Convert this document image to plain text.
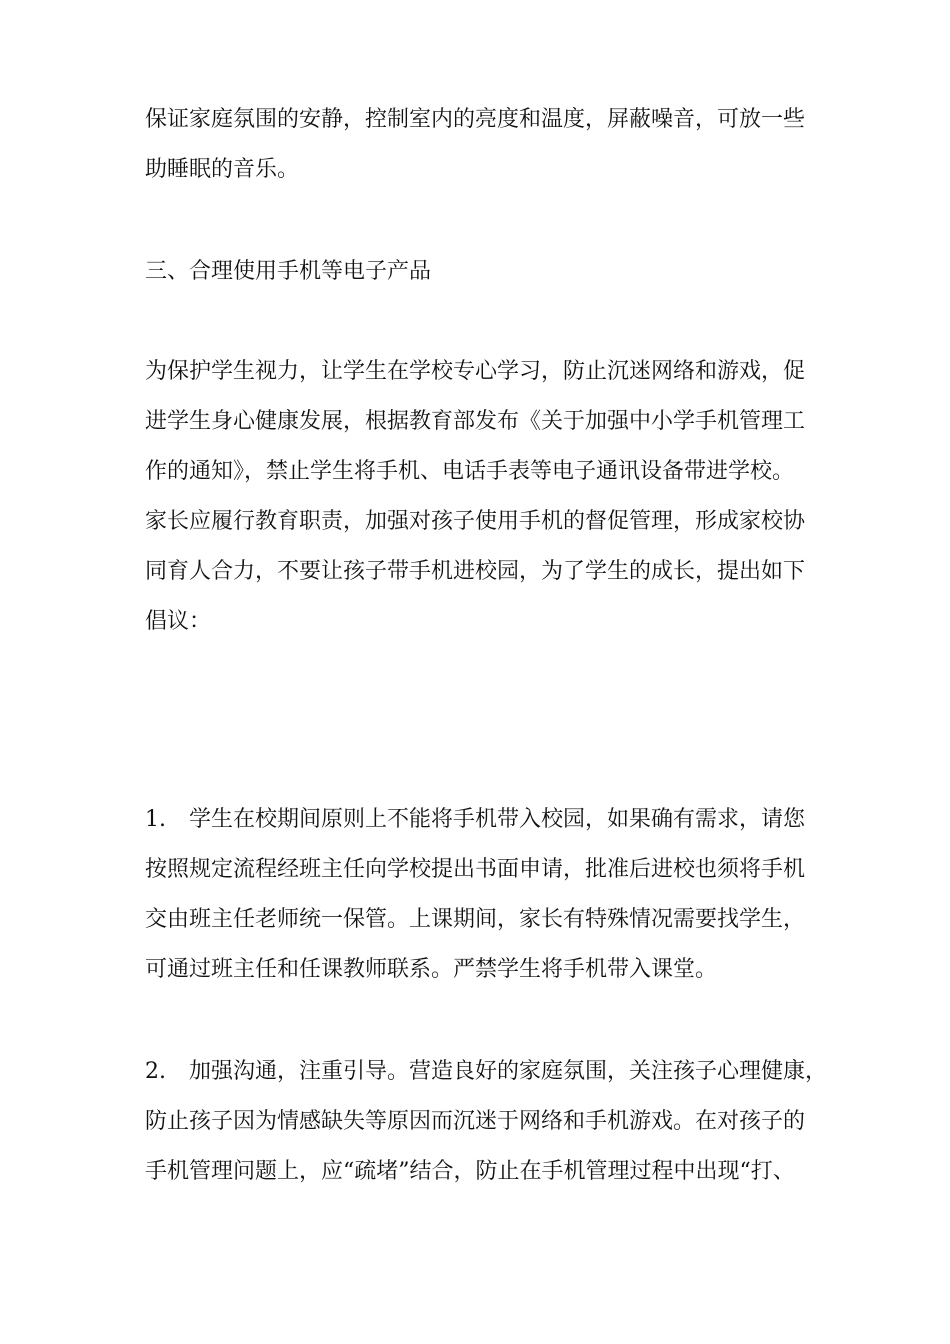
保证家庭氛围的安静，控制室内的亮度和温度，屏蔽噪音，可放一些
助睡眠的音乐。
三、合理使用手机等电子产品
为保护学生视力，让学生在学校专心学习，防止沉迷网络和游戏，促
进学生身心健康发展，根据教育部发布《关于加强中小学手机管理工
作的通知》，禁止学生将手机、电话手表等电子通讯设备带进学校。
家长应履行教育职责，加强对孩子使用手机的督促管理，形成家校协
同育人合力，不要让孩子带手机进校园，为了学生的成长，提出如下
倡议：
1. 学生在校期间原则上不能将手机带入校园，如果确有需求，请您
按照规定流程经班主任向学校提出书面申请，批准后进校也须将手机
交由班主任老师统一保管。上课期间，家长有特殊情况需要找学生，
可通过班主任和任课教师联系。严禁学生将手机带入课堂。
2. 加强沟通，注重引导。营造良好的家庭氛围，关注孩子心理健康，
防止孩子因为情感缺失等原因而沉迷于网络和手机游戏。在对孩子的
手机管理问题上，应“疏堵”结合，防止在手机管理过程中出现“打、
